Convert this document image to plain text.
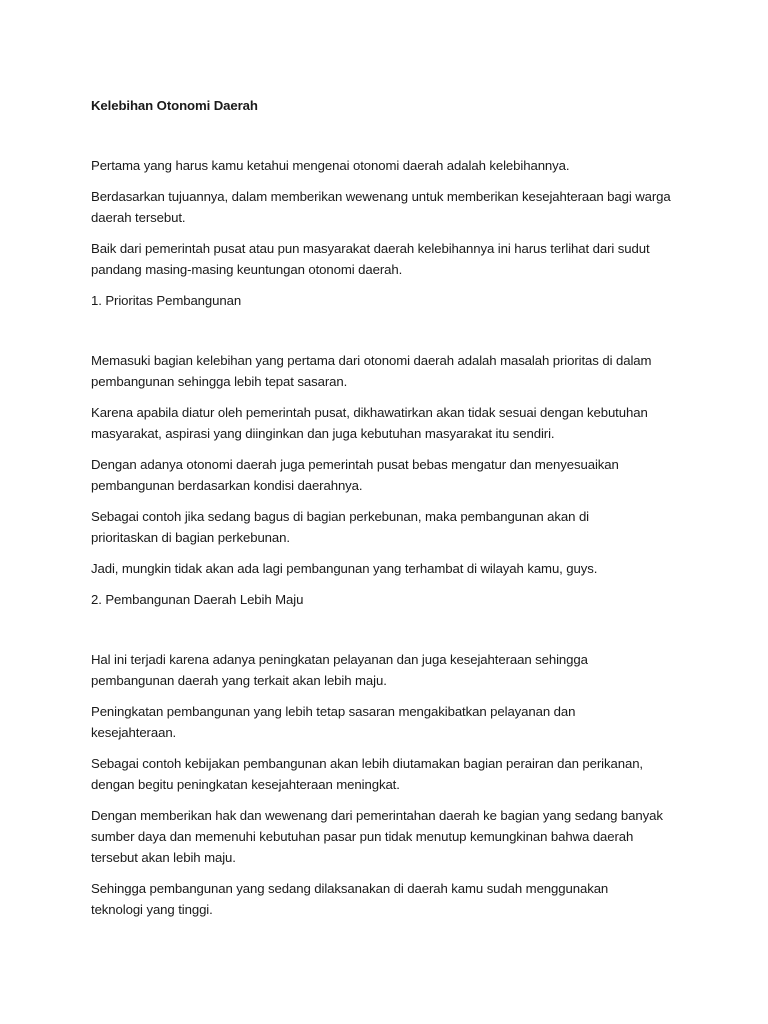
Kelebihan Otonomi Daerah

Pertama yang harus kamu ketahui mengenai otonomi daerah adalah kelebihannya.

Berdasarkan tujuannya, dalam memberikan wewenang untuk memberikan kesejahteraan bagi warga daerah tersebut.

Baik dari pemerintah pusat atau pun masyarakat daerah kelebihannya ini harus terlihat dari sudut pandang masing-masing keuntungan otonomi daerah.

1. Prioritas Pembangunan

Memasuki bagian kelebihan yang pertama dari otonomi daerah adalah masalah prioritas di dalam pembangunan sehingga lebih tepat sasaran.

Karena apabila diatur oleh pemerintah pusat, dikhawatirkan akan tidak sesuai dengan kebutuhan masyarakat, aspirasi yang diinginkan dan juga kebutuhan masyarakat itu sendiri.

Dengan adanya otonomi daerah juga pemerintah pusat bebas mengatur dan menyesuaikan pembangunan berdasarkan kondisi daerahnya.

Sebagai contoh jika sedang bagus di bagian perkebunan, maka pembangunan akan di prioritaskan di bagian perkebunan.

Jadi, mungkin tidak akan ada lagi pembangunan yang terhambat di wilayah kamu, guys.

2. Pembangunan Daerah Lebih Maju

Hal ini terjadi karena adanya peningkatan pelayanan dan juga kesejahteraan sehingga pembangunan daerah yang terkait akan lebih maju.

Peningkatan pembangunan yang lebih tetap sasaran mengakibatkan pelayanan dan kesejahteraan.

Sebagai contoh kebijakan pembangunan akan lebih diutamakan bagian perairan dan perikanan, dengan begitu peningkatan kesejahteraan meningkat.

Dengan memberikan hak dan wewenang dari pemerintahan daerah ke bagian yang sedang banyak sumber daya dan memenuhi kebutuhan pasar pun tidak menutup kemungkinan bahwa daerah tersebut akan lebih maju.

Sehingga pembangunan yang sedang dilaksanakan di daerah kamu sudah menggunakan teknologi yang tinggi.
